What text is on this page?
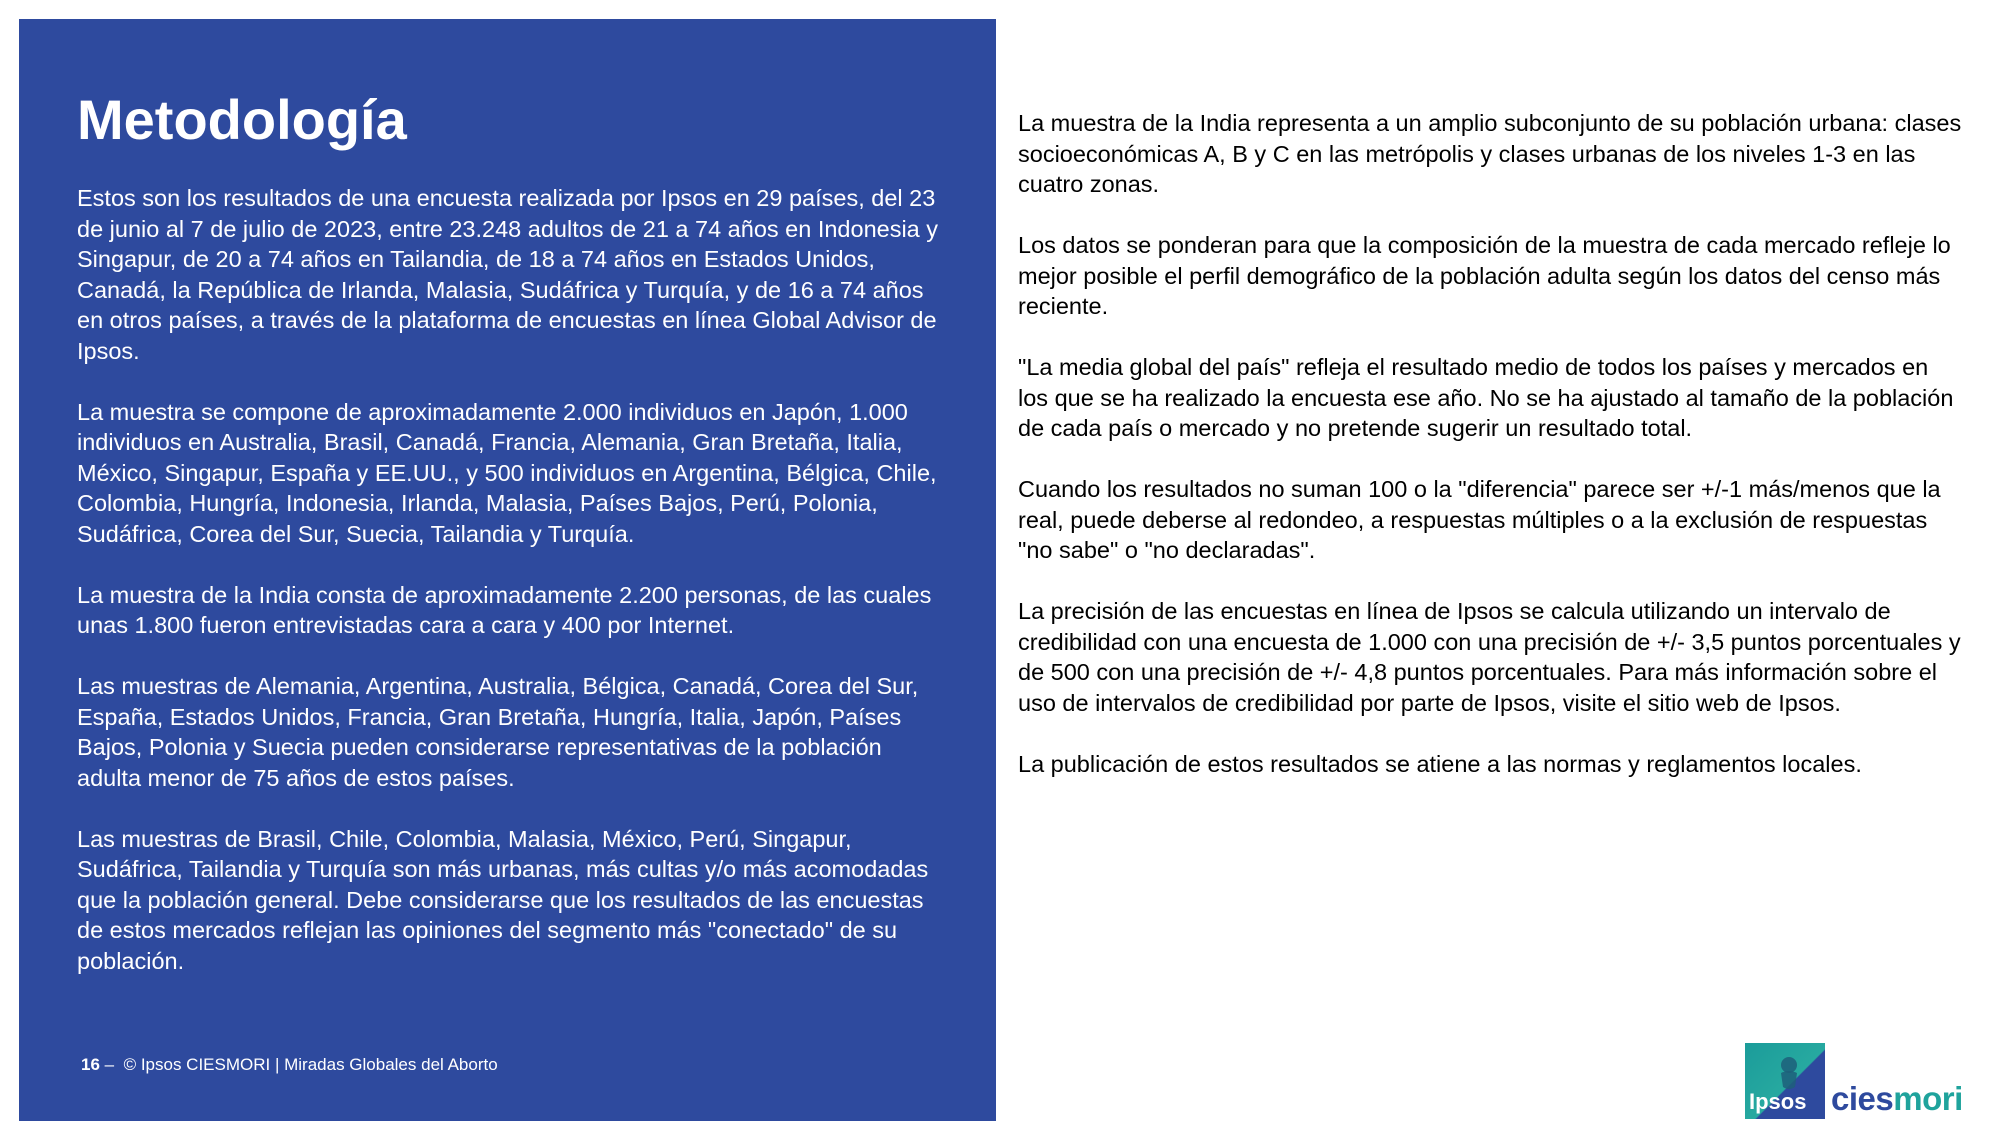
Metodología

Estos son los resultados de una encuesta realizada por Ipsos en 29 países, del 23 de junio al 7 de julio de 2023, entre 23.248 adultos de 21 a 74 años en Indonesia y Singapur, de 20 a 74 años en Tailandia, de 18 a 74 años en Estados Unidos, Canadá, la República de Irlanda, Malasia, Sudáfrica y Turquía, y de 16 a 74 años en otros países, a través de la plataforma de encuestas en línea Global Advisor de Ipsos.

La muestra se compone de aproximadamente 2.000 individuos en Japón, 1.000 individuos en Australia, Brasil, Canadá, Francia, Alemania, Gran Bretaña, Italia, México, Singapur, España y EE.UU., y 500 individuos en Argentina, Bélgica, Chile, Colombia, Hungría, Indonesia, Irlanda, Malasia, Países Bajos, Perú, Polonia, Sudáfrica, Corea del Sur, Suecia, Tailandia y Turquía.

La muestra de la India consta de aproximadamente 2.200 personas, de las cuales unas 1.800 fueron entrevistadas cara a cara y 400 por Internet.

Las muestras de Alemania, Argentina, Australia, Bélgica, Canadá, Corea del Sur, España, Estados Unidos, Francia, Gran Bretaña, Hungría, Italia, Japón, Países Bajos, Polonia y Suecia pueden considerarse representativas de la población adulta menor de 75 años de estos países.

Las muestras de Brasil, Chile, Colombia, Malasia, México, Perú, Singapur, Sudáfrica, Tailandia y Turquía son más urbanas, más cultas y/o más acomodadas que la población general. Debe considerarse que los resultados de las encuestas de estos mercados reflejan las opiniones del segmento más "conectado" de su población.

La muestra de la India representa a un amplio subconjunto de su población urbana: clases socioeconómicas A, B y C en las metrópolis y clases urbanas de los niveles 1-3 en las cuatro zonas.

Los datos se ponderan para que la composición de la muestra de cada mercado refleje lo mejor posible el perfil demográfico de la población adulta según los datos del censo más reciente.

"La media global del país" refleja el resultado medio de todos los países y mercados en los que se ha realizado la encuesta ese año. No se ha ajustado al tamaño de la población de cada país o mercado y no pretende sugerir un resultado total.

Cuando los resultados no suman 100 o la "diferencia" parece ser +/-1 más/menos que la real, puede deberse al redondeo, a respuestas múltiples o a la exclusión de respuestas "no sabe" o "no declaradas".

La precisión de las encuestas en línea de Ipsos se calcula utilizando un intervalo de credibilidad con una encuesta de 1.000 con una precisión de +/- 3,5 puntos porcentuales y de 500 con una precisión de +/- 4,8 puntos porcentuales. Para más información sobre el uso de intervalos de credibilidad por parte de Ipsos, visite el sitio web de Ipsos.

La publicación de estos resultados se atiene a las normas y reglamentos locales.

16 – © Ipsos CIESMORI | Miradas Globales del Aborto
Ipsos ciesmori
